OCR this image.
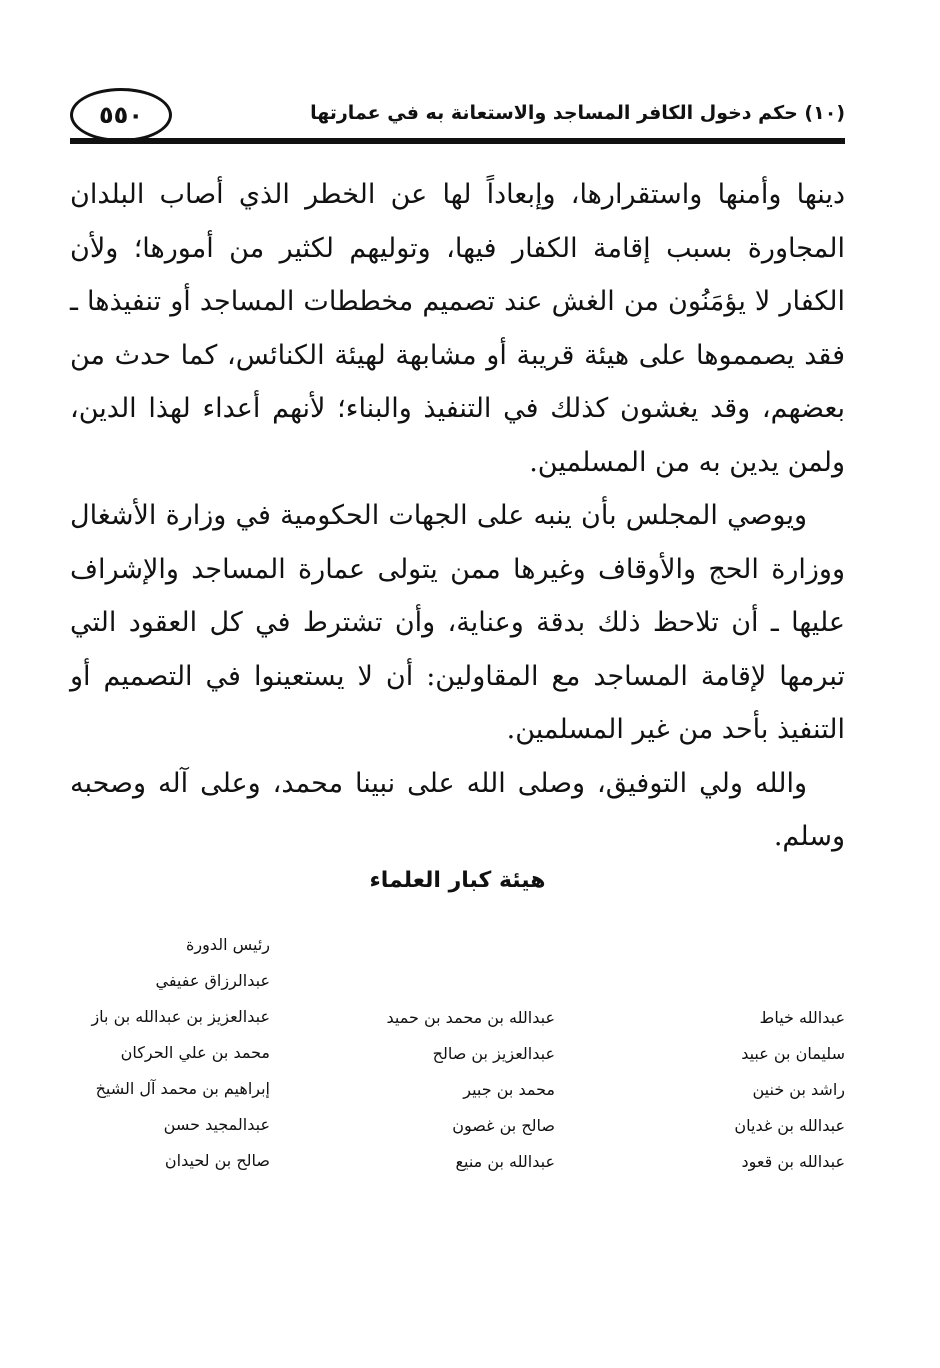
٥٥٠	(١٠) حكم دخول الكافر المساجد والاستعانة به في عمارتها

دينها وأمنها واستقرارها، وإبعاداً لها عن الخطر الذي أصاب البلدان المجاورة بسبب إقامة الكفار فيها، وتوليهم لكثير من أمورها؛ ولأن الكفار لا يؤمَنُون من الغش عند تصميم مخططات المساجد أو تنفيذها ـ فقد يصمموها على هيئة قريبة أو مشابهة لهيئة الكنائس، كما حدث من بعضهم، وقد يغشون كذلك في التنفيذ والبناء؛ لأنهم أعداء لهذا الدين، ولمن يدين به من المسلمين.

ويوصي المجلس بأن ينبه على الجهات الحكومية في وزارة الأشغال ووزارة الحج والأوقاف وغيرها ممن يتولى عمارة المساجد والإشراف عليها ـ أن تلاحظ ذلك بدقة وعناية، وأن تشترط في كل العقود التي تبرمها لإقامة المساجد مع المقاولين: أن لا يستعينوا في التصميم أو التنفيذ بأحد من غير المسلمين.

والله ولي التوفيق، وصلى الله على نبينا محمد، وعلى آله وصحبه وسلم.

هيئة كبار العلماء
عبدالله خياط
سليمان بن عبيد
راشد بن خنين
عبدالله بن غديان
عبدالله بن قعود
عبدالله بن محمد بن حميد
عبدالعزيز بن صالح
محمد بن جبير
صالح بن غصون
عبدالله بن منيع
رئيس الدورة
عبدالرزاق عفيفي
عبدالعزيز بن عبدالله بن باز
محمد بن علي الحركان
إبراهيم بن محمد آل الشيخ
عبدالمجيد حسن
صالح بن لحيدان
